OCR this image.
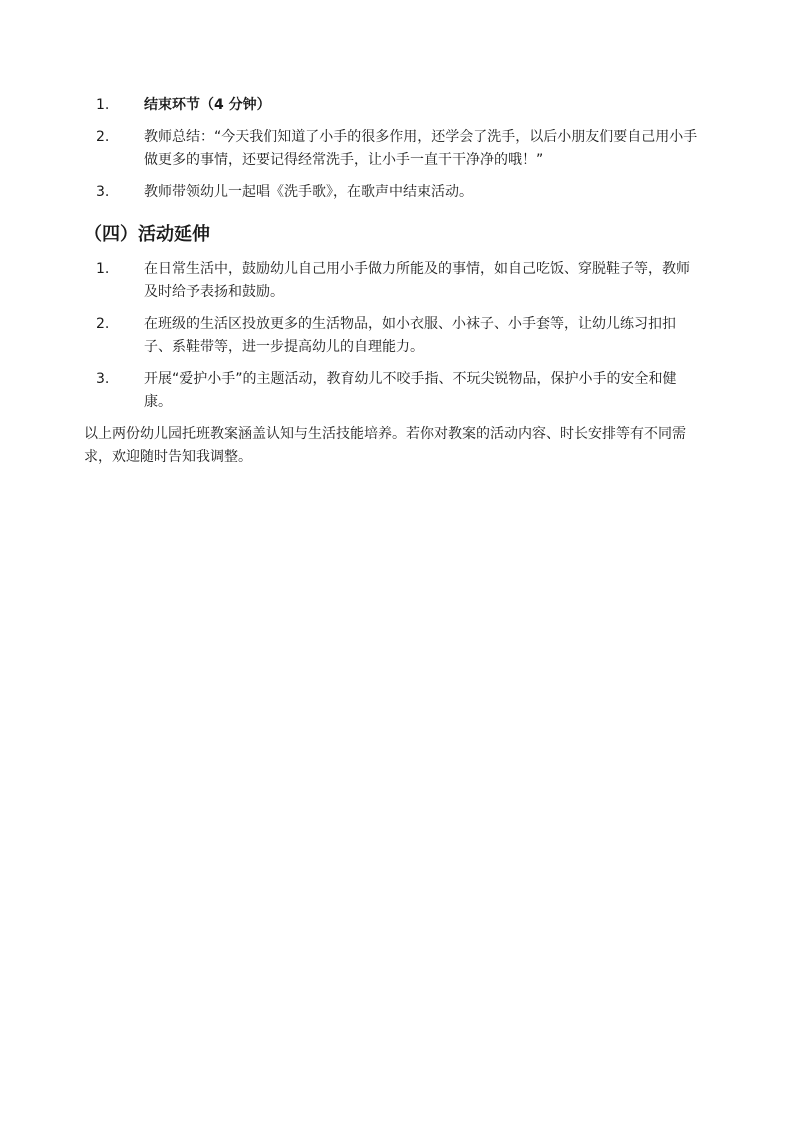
1.	结束环节（4 分钟）
2.	教师总结：“今天我们知道了小手的很多作用，还学会了洗手，以后小朋友们要自己用小手做更多的事情，还要记得经常洗手，让小手一直干干净净的哦！”
3.	教师带领幼儿一起唱《洗手歌》，在歌声中结束活动。
（四）活动延伸
1.	在日常生活中，鼓励幼儿自己用小手做力所能及的事情，如自己吃饭、穿脱鞋子等，教师及时给予表扬和鼓励。
2.	在班级的生活区投放更多的生活物品，如小衣服、小袜子、小手套等，让幼儿练习扣扣子、系鞋带等，进一步提高幼儿的自理能力。
3.	开展“爱护小手”的主题活动，教育幼儿不咬手指、不玩尖锐物品，保护小手的安全和健康。

以上两份幼儿园托班教案涵盖认知与生活技能培养。若你对教案的活动内容、时长安排等有不同需求，欢迎随时告知我调整。
